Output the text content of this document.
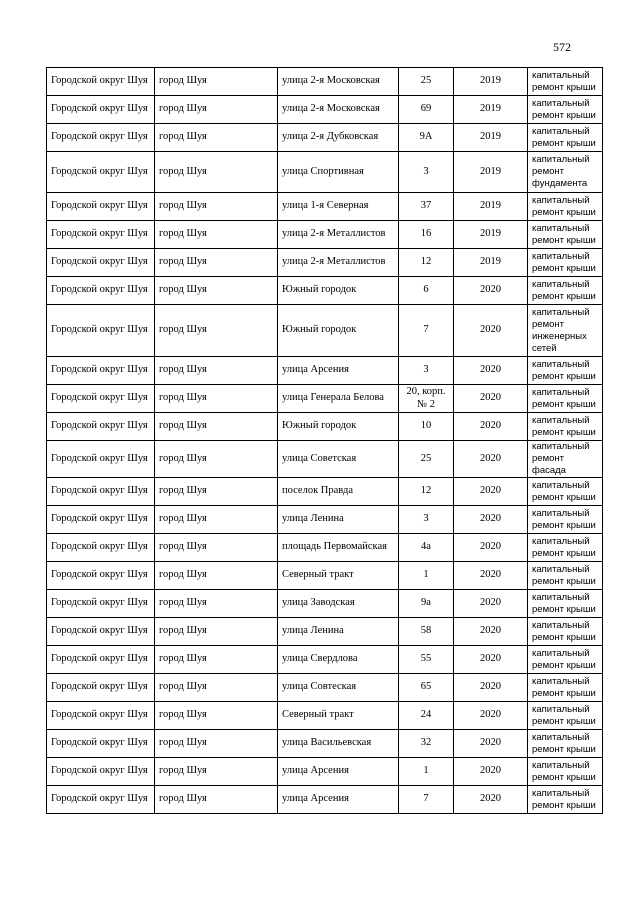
572
Городской округ Шуя	город Шуя	улица 2-я Московская	25	2019	капитальный ремонт крыши
Городской округ Шуя	город Шуя	улица 2-я Московская	69	2019	капитальный ремонт крыши
Городской округ Шуя	город Шуя	улица 2-я Дубковская	9А	2019	капитальный ремонт крыши
Городской округ Шуя	город Шуя	улица Спортивная	3	2019	капитальный ремонт фундамента
Городской округ Шуя	город Шуя	улица 1-я Северная	37	2019	капитальный ремонт крыши
Городской округ Шуя	город Шуя	улица 2-я Металлистов	16	2019	капитальный ремонт крыши
Городской округ Шуя	город Шуя	улица 2-я Металлистов	12	2019	капитальный ремонт крыши
Городской округ Шуя	город Шуя	Южный городок	6	2020	капитальный ремонт крыши
Городской округ Шуя	город Шуя	Южный городок	7	2020	капитальный ремонт инженерных сетей
Городской округ Шуя	город Шуя	улица Арсения	3	2020	капитальный ремонт крыши
Городской округ Шуя	город Шуя	улица Генерала Белова	20, корп. № 2	2020	капитальный ремонт крыши
Городской округ Шуя	город Шуя	Южный городок	10	2020	капитальный ремонт крыши
Городской округ Шуя	город Шуя	улица Советская	25	2020	капитальный ремонт фасада
Городской округ Шуя	город Шуя	поселок Правда	12	2020	капитальный ремонт крыши
Городской округ Шуя	город Шуя	улица Ленина	3	2020	капитальный ремонт крыши
Городской округ Шуя	город Шуя	площадь Первомайская	4а	2020	капитальный ремонт крыши
Городской округ Шуя	город Шуя	Северный тракт	1	2020	капитальный ремонт крыши
Городской округ Шуя	город Шуя	улица Заводская	9а	2020	капитальный ремонт крыши
Городской округ Шуя	город Шуя	улица Ленина	58	2020	капитальный ремонт крыши
Городской округ Шуя	город Шуя	улица Свердлова	55	2020	капитальный ремонт крыши
Городской округ Шуя	город Шуя	улица Совтеская	65	2020	капитальный ремонт крыши
Городской округ Шуя	город Шуя	Северный тракт	24	2020	капитальный ремонт крыши
Городской округ Шуя	город Шуя	улица Васильевская	32	2020	капитальный ремонт крыши
Городской округ Шуя	город Шуя	улица Арсения	1	2020	капитальный ремонт крыши
Городской округ Шуя	город Шуя	улица Арсения	7	2020	капитальный ремонт крыши
